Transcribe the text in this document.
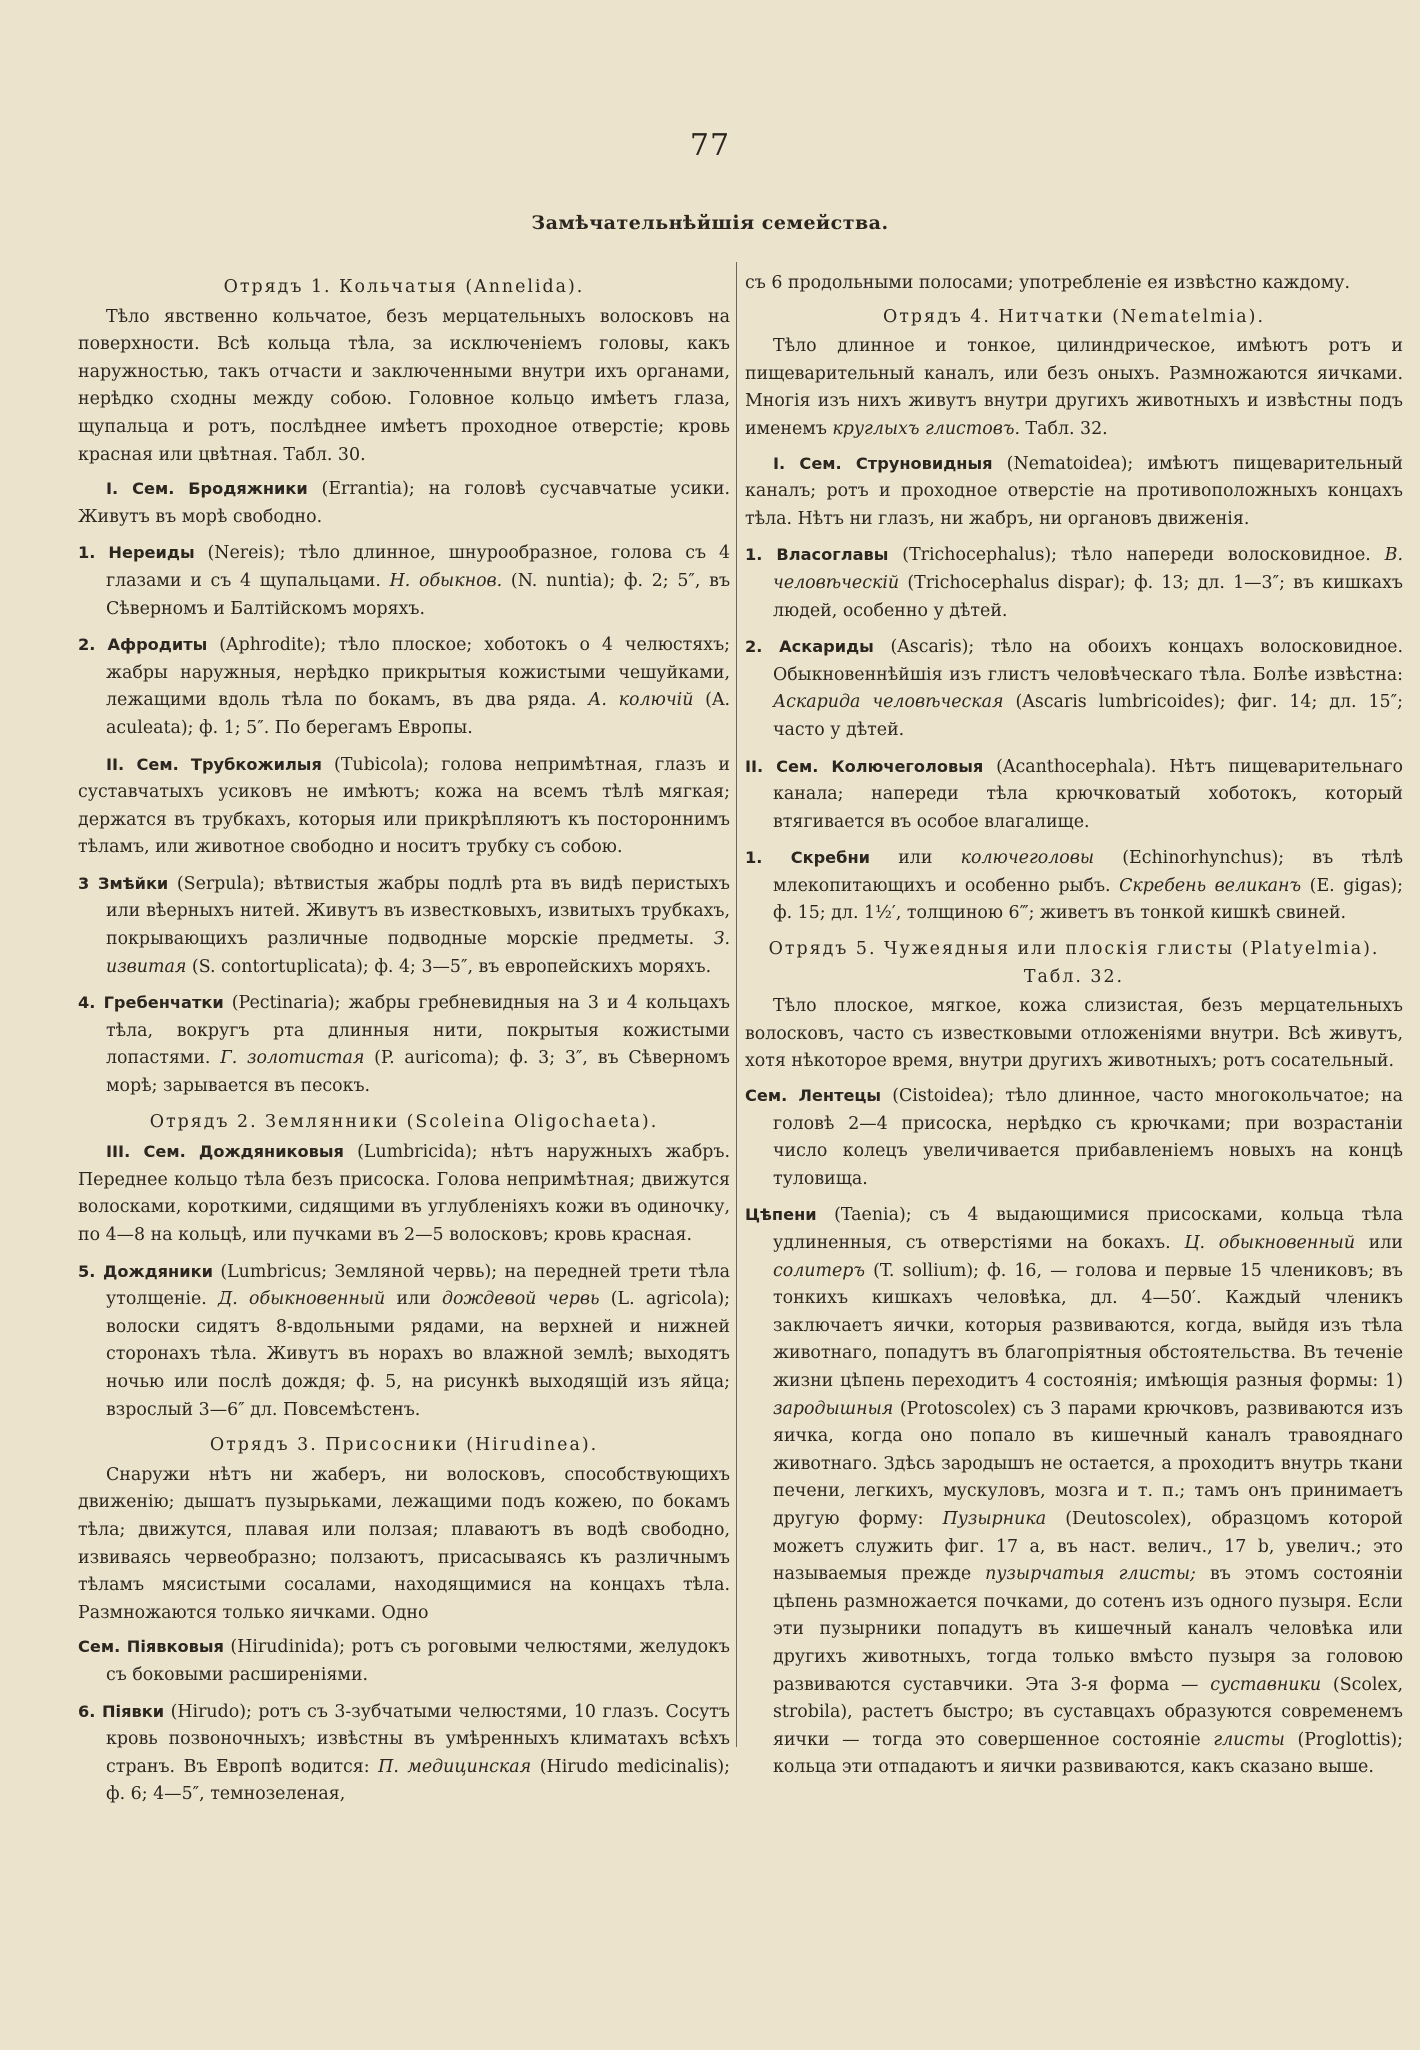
77
Замѣчательнѣйшія семейства.
Отрядъ 1. Кольчатыя (Annelida).

Тѣло явственно кольчатое, безъ мерцательныхъ волосковъ на поверхности. Всѣ кольца тѣла, за исключеніемъ головы, какъ наружностью, такъ отчасти и заключенными внутри ихъ органами, нерѣдко сходны между собою. Головное кольцо имѣетъ глаза, щупальца и ротъ, послѣднее имѣетъ проходное отверстіе; кровь красная или цвѣтная. Табл. 30.

I. Сем. Бродяжники (Errantia); на головѣ сусчавчатые усики. Живутъ въ морѣ свободно.

1. Нереиды (Nereis); тѣло длинное, шнурообразное, голова съ 4 глазами и съ 4 щупальцами. Н. обыкнов. (N. nuntia); ф. 2; 5″, въ Сѣверномъ и Балтійскомъ моряхъ.

2. Афродиты (Aphrodite); тѣло плоское; хоботокъ о 4 челюстяхъ; жабры наружныя, нерѣдко прикрытыя кожистыми чешуйками, лежащими вдоль тѣла по бокамъ, въ два ряда. А. колючій (A. aculeata); ф. 1; 5″. По берегамъ Европы.

II. Сем. Трубкожилыя (Tubicola); голова непримѣтная, глазъ и суставчатыхъ усиковъ не имѣютъ; кожа на всемъ тѣлѣ мягкая; держатся въ трубкахъ, которыя или прикрѣпляютъ къ постороннимъ тѣламъ, или животное свободно и носитъ трубку съ собою.

3 Змѣйки (Serpula); вѣтвистыя жабры подлѣ рта въ видѣ перистыхъ или вѣерныхъ нитей. Живутъ въ известковыхъ, извитыхъ трубкахъ, покрывающихъ различные подводные морскіе предметы. З. извитая (S. contortuplicata); ф. 4; 3—5″, въ европейскихъ моряхъ.

4. Гребенчатки (Pectinaria); жабры гребневидныя на 3 и 4 кольцахъ тѣла, вокругъ рта длинныя нити, покрытыя кожистыми лопастями. Г. золотистая (P. auricoma); ф. 3; 3″, въ Сѣверномъ морѣ; зарывается въ песокъ.

Отрядъ 2. Землянники (Scoleina Oligochaeta).

III. Сем. Дождяниковыя (Lumbricida); нѣтъ наружныхъ жабръ. Переднее кольцо тѣла безъ присоска. Голова непримѣтная; движутся волосками, короткими, сидящими въ углубленіяхъ кожи въ одиночку, по 4—8 на кольцѣ, или пучками въ 2—5 волосковъ; кровь красная.

5. Дождяники (Lumbricus; Земляной червь); на передней трети тѣла утолщеніе. Д. обыкновенный или дождевой червь (L. agricola); волоски сидятъ 8-вдольными рядами, на верхней и нижней сторонахъ тѣла. Живутъ въ норахъ во влажной землѣ; выходятъ ночью или послѣ дождя; ф. 5, на рисункѣ выходящій изъ яйца; взрослый 3—6″ дл. Повсемѣстенъ.

Отрядъ 3. Присосники (Hirudinea).

Снаружи нѣтъ ни жаберъ, ни волосковъ, способствующихъ движенію; дышатъ пузырьками, лежащими подъ кожею, по бокамъ тѣла; движутся, плавая или ползая; плаваютъ въ водѣ свободно, извиваясь червеобразно; ползаютъ, присасываясь къ различнымъ тѣламъ мясистыми сосалами, находящимися на концахъ тѣла. Размножаются только яичками. Одно

Сем. Піявковыя (Hirudinida); ротъ съ роговыми челюстями, желудокъ съ боковыми расширеніями.

6. Піявки (Hirudo); ротъ съ 3-зубчатыми челюстями, 10 глазъ. Сосутъ кровь позвоночныхъ; извѣстны въ умѣренныхъ климатахъ всѣхъ странъ. Въ Европѣ водится: П. медицинская (Hirudo medicinalis); ф. 6; 4—5″, темнозеленая,

съ 6 продольными полосами; употребленіе ея извѣстно каждому.

Отрядъ 4. Нитчатки (Nematelmia).

Тѣло длинное и тонкое, цилиндрическое, имѣютъ ротъ и пищеварительный каналъ, или безъ оныхъ. Размножаются яичками. Многія изъ нихъ живутъ внутри другихъ животныхъ и извѣстны подъ именемъ круглыхъ глистовъ. Табл. 32.

I. Сем. Струновидныя (Nematoidea); имѣютъ пищеварительный каналъ; ротъ и проходное отверстіе на противоположныхъ концахъ тѣла. Нѣтъ ни глазъ, ни жабръ, ни органовъ движенія.

1. Власоглавы (Trichocephalus); тѣло напереди волосковидное. В. человѣческій (Trichocephalus dispar); ф. 13; дл. 1—3″; въ кишкахъ людей, особенно у дѣтей.

2. Аскариды (Ascaris); тѣло на обоихъ концахъ волосковидное. Обыкновеннѣйшія изъ глистъ человѣческаго тѣла. Болѣе извѣстна: Аскарида человѣческая (Ascaris lumbricoides); фиг. 14; дл. 15″; часто у дѣтей.

II. Сем. Колючеголовыя (Acanthocephala). Нѣтъ пищеварительнаго канала; напереди тѣла крючковатый хоботокъ, который втягивается въ особое влагалище.

1. Скребни или колючеголовы (Echinorhynchus); въ тѣлѣ млекопитающихъ и особенно рыбъ. Скребень великанъ (E. gigas); ф. 15; дл. 1½′, толщиною 6‴; живетъ въ тонкой кишкѣ свиней.

Отрядъ 5. Чужеядныя или плоскія глисты (Platyelmia). Табл. 32.

Тѣло плоское, мягкое, кожа слизистая, безъ мерцательныхъ волосковъ, часто съ известковыми отложеніями внутри. Всѣ живутъ, хотя нѣкоторое время, внутри другихъ животныхъ; ротъ сосательный.

Сем. Лентецы (Cistoidea); тѣло длинное, часто многокольчатое; на головѣ 2—4 присоска, нерѣдко съ крючками; при возрастаніи число колецъ увеличивается прибавленіемъ новыхъ на концѣ туловища.

Цѣпени (Taenia); съ 4 выдающимися присосками, кольца тѣла удлиненныя, съ отверстіями на бокахъ. Ц. обыкновенный или солитеръ (T. sollium); ф. 16, — голова и первые 15 члениковъ; въ тонкихъ кишкахъ человѣка, дл. 4—50′. Каждый членикъ заключаетъ яички, которыя развиваются, когда, выйдя изъ тѣла животнаго, попадутъ въ благопріятныя обстоятельства. Въ теченіе жизни цѣпень переходитъ 4 состоянія; имѣющія разныя формы: 1) зародышныя (Protoscolex) съ 3 парами крючковъ, развиваются изъ яичка, когда оно попало въ кишечный каналъ травояднаго животнаго. Здѣсь зародышъ не остается, а проходитъ внутрь ткани печени, легкихъ, мускуловъ, мозга и т. п.; тамъ онъ принимаетъ другую форму: Пузырника (Deutoscolex), образцомъ которой можетъ служить фиг. 17 a, въ наст. велич., 17 b, увелич.; это называемыя прежде пузырчатыя глисты; въ этомъ состояніи цѣпень размножается почками, до сотенъ изъ одного пузыря. Если эти пузырники попадутъ въ кишечный каналъ человѣка или другихъ животныхъ, тогда только вмѣсто пузыря за головою развиваются суставчики. Эта 3-я форма — суставники (Scolex, strobila), растетъ быстро; въ суставцахъ образуются современемъ яички — тогда это совершенное состояніе глисты (Proglottis); кольца эти отпадаютъ и яички развиваются, какъ сказано выше.
